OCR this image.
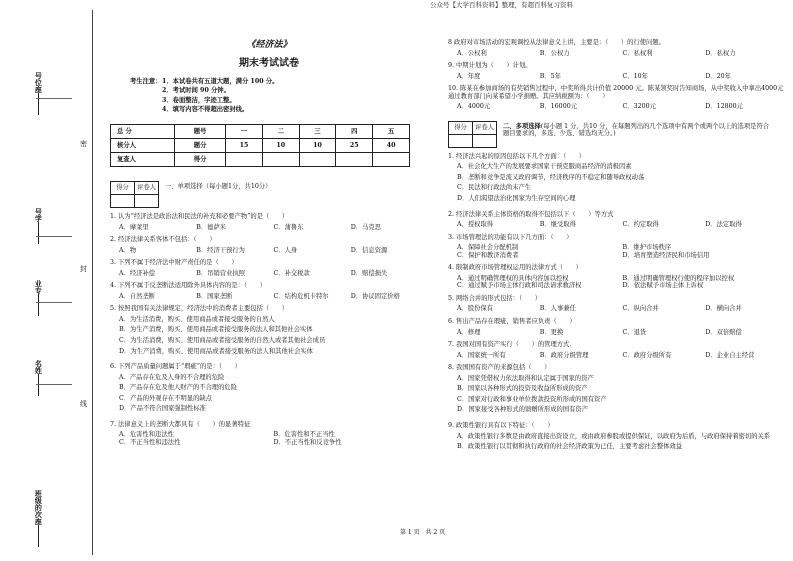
公众号【大学百科资料】整理，有超百科复习资料
号位座
号学
业专
名姓
班级的次座
密
封
线
《经济法》
期末考试试卷
考生注意： 1．本试卷共有五道大题，满分 100 分。
2．考试时间 90 分钟。
3．卷面整洁，字迹工整。
4．填写内容不得超出密封线。
总 分	题号	一	二	三	四	五
核分人	题分	15	10	10	25	40
复查人	得分					
得分	评卷人
	一、单项选择（每小题1分，共10分）
1. 认为“经济法是政治法和民法的补充和必要产物”的是（　　）
A．摩莱里	B．德萨米	C．蒲鲁东	D．马克思
2. 经济法律关系客体不包括：（　　）
A．物	B．经济干预行为	C．人身	D．信息资源
3. 下列不属于经济法中财产责任的是（　　）
A．经济补偿	B．吊销营业执照	C．补交税款	D．赔偿损失
4. 下列不属于反垄断法适用除外具体内容的是：（　　）
A．自然垄断	B．国家垄断	C．结构危机卡特尔	D．协议固定价格
5. 按照我国有关法律规定，经济法中的消费者主要包括（　　）
A．为生活消费，购买、使用商品或者接受服务的自然人
B．为生产消费，购买、使用商品或者接受服务的法人和其他社会实体
C．为生活消费，购买、使用商品或者接受服务的自然人或者其他社会成员
D．为生产消费，购买、使用商品或者接受服务的法人和其他社会实体
6. 下列产品质量问题属于“瑕疵”的是：（　　）
A．产品存在危及人身的不合理的危险
B．产品存在危及他人财产的不合理的危险
C．产品的外观存在不明显的缺点
D．产品不符合国家强制性标准
7. 法律意义上的垄断大都具有（　　）的显著特征
A．危害性和违法性	B．危害性和不正当性
C．不正当性和违法性	D．不正当性和反竞争性
8 政府对市场活动的宏观调控从法律意义上讲，主要是：（　　）的行使问题。
A．公权利	B．公权力	C．私权利	D．私权力
9. 中期计划为（　　）计划。
A．年度	B．5年	C．10年	D．20年
10. 陈某在参加商场的有奖销售过程中，中奖所得共计价值 20000 元。陈某领奖时告知商场，从中奖收入中拿出4000元通过教育部门向某希望小学捐赠。其应纳税额为：（　　）
A．4000元	B．16000元	C．3200元	D．12800元
得分	评卷人
	二、多项选择(每小题 1 分，共10 分，在每题列出的几个选项中有两个或两个以上的选项是符合题目要求的，多选、少选、错选均无分。)
1. 经济法兴起的原因包括以下几个方面：（　　）
A．社会化大生产的发展要求国家干预克服商品经济的消极因素
B．垄断和竞争是流又政府调节，经济秩序的不稳定和随导政权动荡
C．民法和行政法尚未产生
D．人们渴望法治化国家为生存空间的心理
2. 经济法律关系主体资格的取得不包括以下（　　）等方式
A．授权取得	B．继受取得	C．约定取得	D．法定取得
3. 市场管理法的功能有以下几方面：（　　）
A．保障社会分配机制	B．维护市场秩序
C．保护和教济消费者	D．培育塑造经济民和市场信用
4. 限制政府市场管理权运用的法律方式（　　）
A．通过明确管理权的具体内容加以控权	B．通过明确管理权行使的程序加以控权
C．通过赋予市场主体行政和司法请求救济权	D．依法赋予市场主体上诉权
5. 网络合并的形式包括：（　　）
A．股份保有	B．人事兼任	C．纵向合并	D．横向合并
6. 售出产品存在瑕疵，销售者应负责（　　）
A．修理	B．更换	C．退货	D．双倍赔偿
7. 我国对国有资产实行（　　）的管理方式．
A．国家统一所有	B．政府分级管理	C．政府分级所有	D．企业自主经营
8. 我国国有资产的来源包括（　　）
A．国家凭借权力依法取得和认定属于国家的资产
B．国家以各种形式的投资及收益所形成的资产
C．国家对行政和事业单位拨款投资所形成的国有资产
D．国家接受各种形式的馈赠所形成的国有资产
9. 政策性银行具有以下特征：（　　）
A．政策性银行多数是由政府直接出资设立，或由政府参股或提供保证，以政府为后盾，与政府保持着密切的关系
B．政策性银行以贯彻和执行政府的社会经济政策为已任，主要考虑社会整体效益
第 1 页　共 2 页
